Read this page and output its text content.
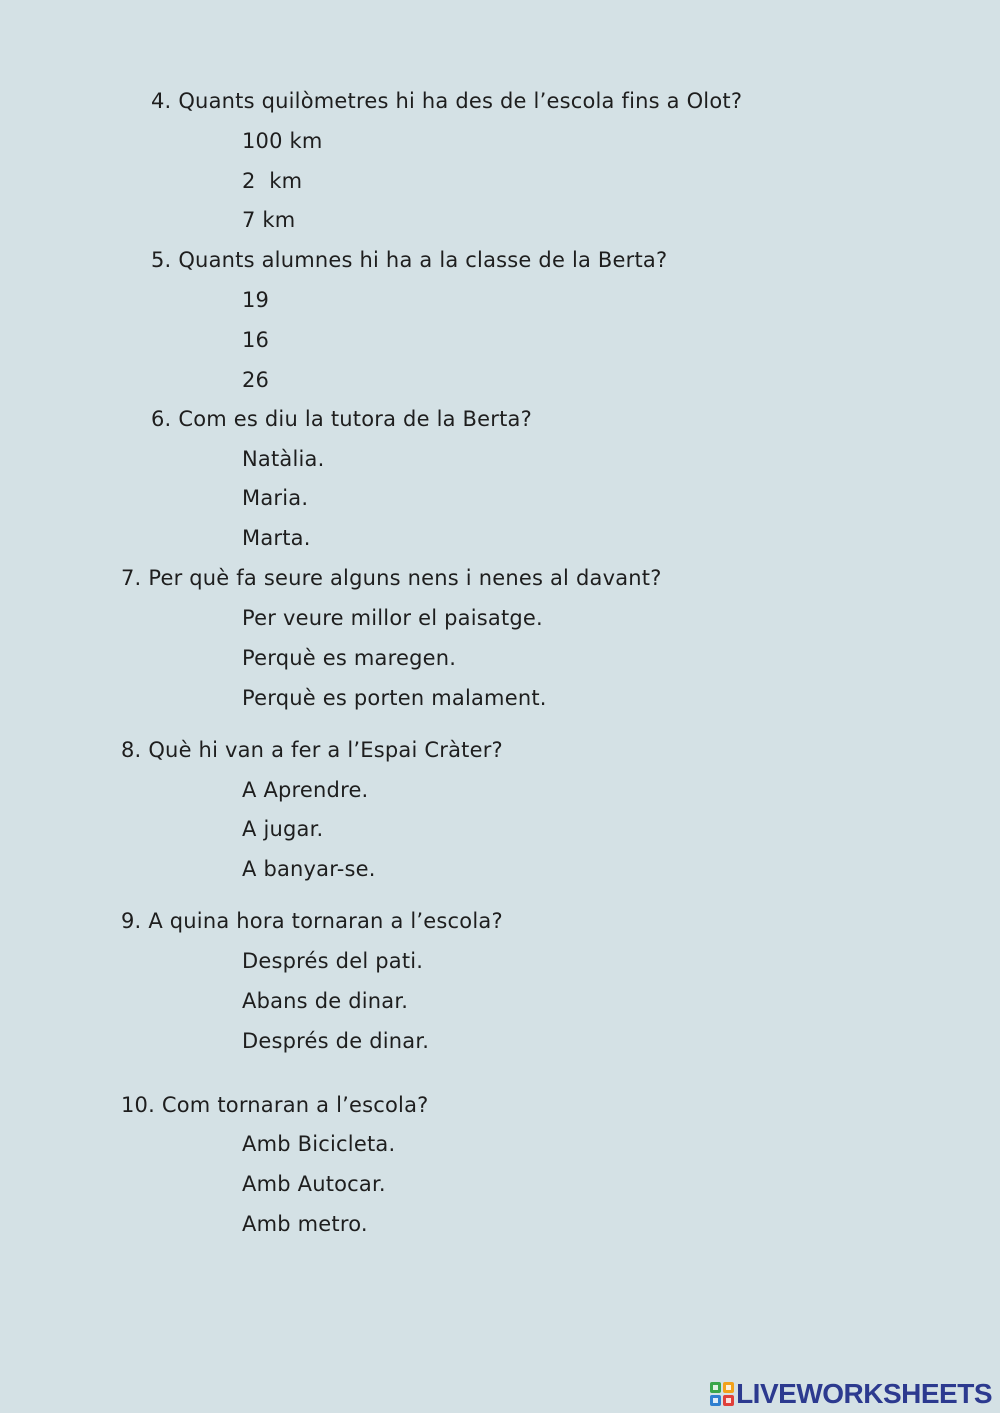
4. Quants quilòmetres hi ha des de l’escola fins a Olot?
100 km
2  km
7 km
5. Quants alumnes hi ha a la classe de la Berta?
19
16
26
6. Com es diu la tutora de la Berta?
Natàlia.
Maria.
Marta.
7. Per què fa seure alguns nens i nenes al davant?
Per veure millor el paisatge.
Perquè es maregen.
Perquè es porten malament.
8. Què hi van a fer a l’Espai Cràter?
A Aprendre.
A jugar.
A banyar-se.
9. A quina hora tornaran a l’escola?
Després del pati.
Abans de dinar.
Després de dinar.
10. Com tornaran a l’escola?
Amb Bicicleta.
Amb Autocar.
Amb metro.
LIVEWORKSHEETS
